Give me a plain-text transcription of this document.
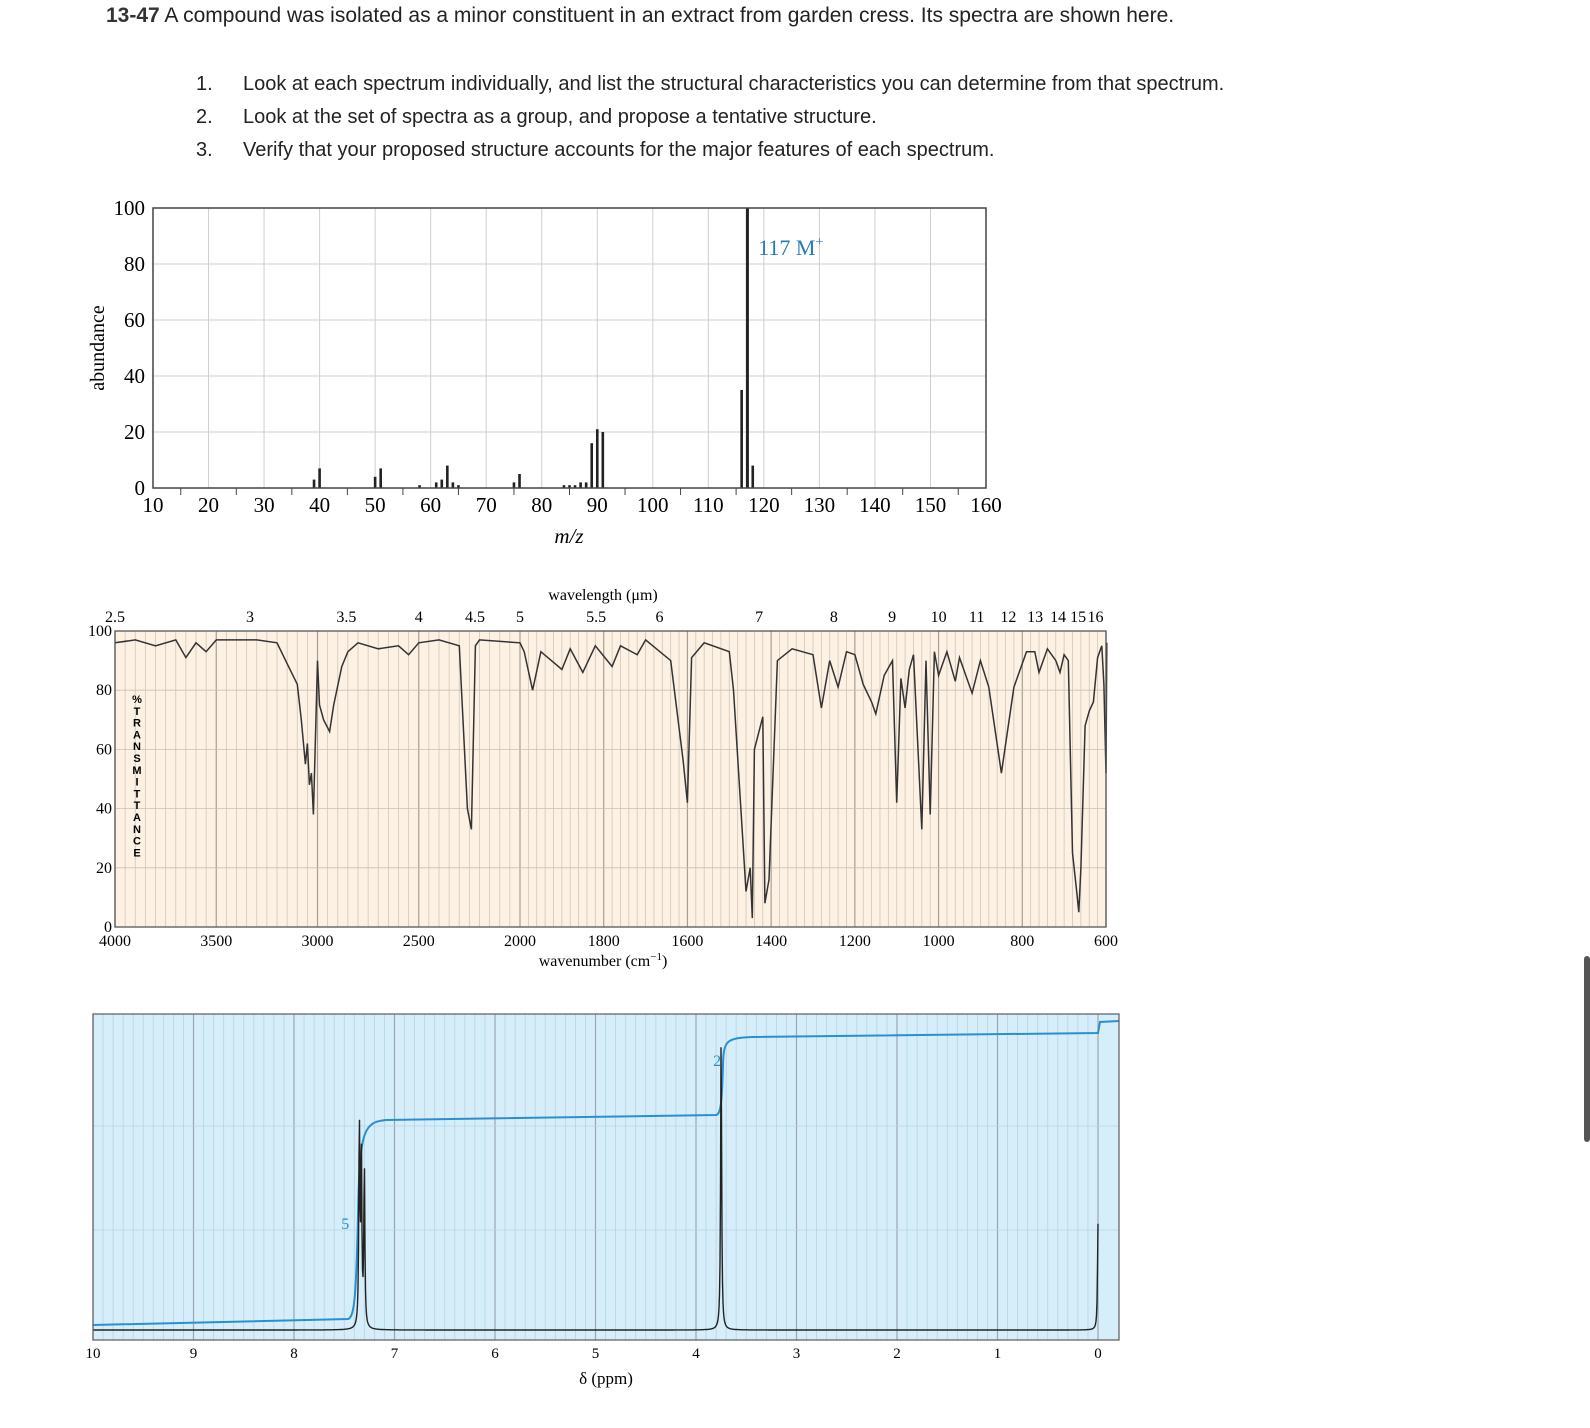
13-47 A compound was isolated as a minor constituent in an extract from garden cress. Its spectra are shown here.
1. Look at each spectrum individually, and list the structural characteristics you can determine from that spectrum.
2. Look at the set of spectra as a group, and propose a tentative structure.
3. Verify that your proposed structure accounts for the major features of each spectrum.
10 20 30 40 50 60 70 80 90 100 110 120 130 140 150 160
0
20
40
60
80
100
abundance
m/z
117 M+
4000	3500	3000	2500	2000	1800	1600	1400	1200	1000	800	600
2.5	3	3.5	4	4.5 5	5.5	6	7	8	9 10 11 12 13 14 15 16
0
20
40
60
80
100
wavelength (μm)
wavenumber $(cm^{-1})$
%
T
R
A
N
S
M
I
T
T
A
N
C
E
10	9	8	7	6	5	4	3	2	1	0
5
2
δ (ppm)
